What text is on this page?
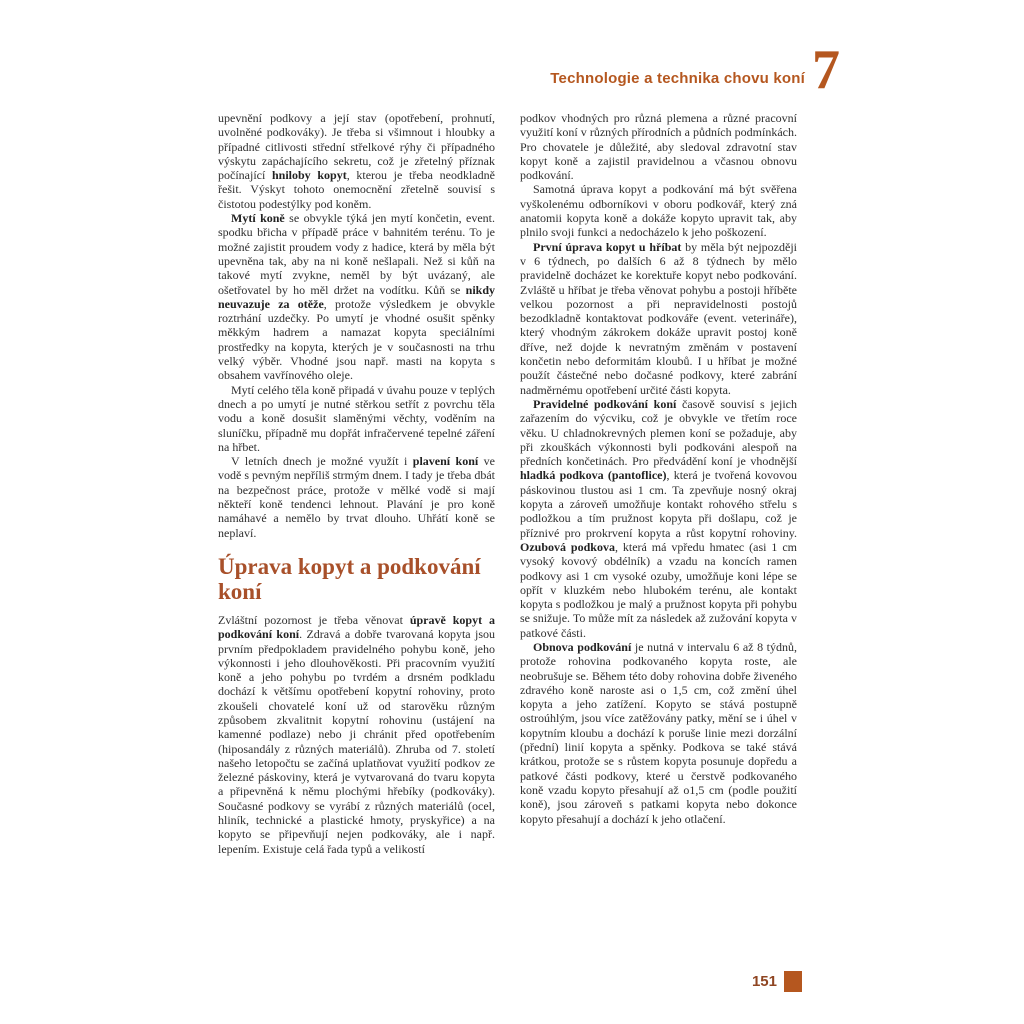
Technologie a technika chovu koní 7

upevnění podkovy a její stav (opotřebení, prohnutí, uvolněné podkováky). Je třeba si všimnout i hloubky a případné citlivosti střední střelkové rýhy či případného výskytu zapáchajícího sekretu, což je zřetelný příznak počínající hniloby kopyt, kterou je třeba neodkladně řešit. Výskyt tohoto onemocnění zřetelně souvisí s čistotou podestýlky pod koněm.

Mytí koně se obvykle týká jen mytí končetin, event. spodku břicha v případě práce v bahnitém terénu. To je možné zajistit proudem vody z hadice, která by měla být upevněna tak, aby na ni koně nešlapali. Než si kůň na takové mytí zvykne, neměl by být uvázaný, ale ošetřovatel by ho měl držet na vodítku. Kůň se nikdy neuvazuje za otěže, protože výsledkem je obvykle roztrhání uzdečky. Po umytí je vhodné osušit spěnky měkkým hadrem a namazat kopyta speciálními prostředky na kopyta, kterých je v současnosti na trhu velký výběr. Vhodné jsou např. masti na kopyta s obsahem vavřínového oleje.

Mytí celého těla koně připadá v úvahu pouze v teplých dnech a po umytí je nutné stěrkou setřít z povrchu těla vodu a koně dosušit slaměnými věchty, voděním na sluníčku, případně mu dopřát infračervené tepelné záření na hřbet.

V letních dnech je možné využít i plavení koní ve vodě s pevným nepříliš strmým dnem. I tady je třeba dbát na bezpečnost práce, protože v mělké vodě si mají někteří koně tendenci lehnout. Plavání je pro koně namáhavé a nemělo by trvat dlouho. Uhřátí koně se neplaví.

Úprava kopyt a podkování koní

Zvláštní pozornost je třeba věnovat úpravě kopyt a podkování koní. Zdravá a dobře tvarovaná kopyta jsou prvním předpokladem pravidelného pohybu koně, jeho výkonnosti i jeho dlouhověkosti. Při pracovním využití koně a jeho pohybu po tvrdém a drsném podkladu dochází k většímu opotřebení kopytní rohoviny, proto zkoušeli chovatelé koní už od starověku různým způsobem zkvalitnit kopytní rohovinu (ustájení na kamenné podlaze) nebo ji chránit před opotřebením (hiposandály z různých materiálů). Zhruba od 7. století našeho letopočtu se začíná uplatňovat využití podkov ze železné páskoviny, která je vytvarovaná do tvaru kopyta a připevněná k němu plochými hřebíky (podkováky). Současné podkovy se vyrábí z různých materiálů (ocel, hliník, technické a plastické hmoty, pryskyřice) a na kopyto se připevňují nejen podkováky, ale i např. lepením. Existuje celá řada typů a velikostí

podkov vhodných pro různá plemena a různé pracovní využití koní v různých přírodních a půdních podmínkách. Pro chovatele je důležité, aby sledoval zdravotní stav kopyt koně a zajistil pravidelnou a včasnou obnovu podkování.

Samotná úprava kopyt a podkování má být svěřena vyškolenému odborníkovi v oboru podkovář, který zná anatomii kopyta koně a dokáže kopyto upravit tak, aby plnilo svoji funkci a nedocházelo k jeho poškození.

První úprava kopyt u hříbat by měla být nejpozději v 6 týdnech, po dalších 6 až 8 týdnech by mělo pravidelně docházet ke korektuře kopyt nebo podkování. Zvláště u hříbat je třeba věnovat pohybu a postoji hříběte velkou pozornost a při nepravidelnosti postojů bezodkladně kontaktovat podkováře (event. veterináře), který vhodným zákrokem dokáže upravit postoj koně dříve, než dojde k nevratným změnám v postavení končetin nebo deformitám kloubů. I u hříbat je možné použít částečné nebo dočasné podkovy, které zabrání nadměrnému opotřebení určité části kopyta.

Pravidelné podkování koní časově souvisí s jejich zařazením do výcviku, což je obvykle ve třetím roce věku. U chladnokrevných plemen koní se požaduje, aby při zkouškách výkonnosti byli podkováni alespoň na předních končetinách. Pro předvádění koní je vhodnější hladká podkova (pantoflice), která je tvořená kovovou páskovinou tlustou asi 1 cm. Ta zpevňuje nosný okraj kopyta a zároveň umožňuje kontakt rohového střelu s podložkou a tím pružnost kopyta při došlapu, což je příznivé pro prokrvení kopyta a růst kopytní rohoviny. Ozubová podkova, která má vpředu hmatec (asi 1 cm vysoký kovový obdélník) a vzadu na koncích ramen podkovy asi 1 cm vysoké ozuby, umožňuje koni lépe se opřít v kluzkém nebo hlubokém terénu, ale kontakt kopyta s podložkou je malý a pružnost kopyta při pohybu se snižuje. To může mít za následek až zužování kopyta v patkové části.

Obnova podkování je nutná v intervalu 6 až 8 týdnů, protože rohovina podkovaného kopyta roste, ale neobrušuje se. Během této doby rohovina dobře živeného zdravého koně naroste asi o 1,5 cm, což změní úhel kopyta a jeho zatížení. Kopyto se stává postupně ostroúhlým, jsou více zatěžovány patky, mění se i úhel v kopytním kloubu a dochází k poruše linie mezi dorzální (přední) linií kopyta a spěnky. Podkova se také stává krátkou, protože se s růstem kopyta posunuje dopředu a patkové části podkovy, které u čerstvě podkovaného koně vzadu kopyto přesahují až o1,5 cm (podle použití koně), jsou zároveň s patkami kopyta nebo dokonce kopyto přesahují a dochází k jeho otlačení.

151
